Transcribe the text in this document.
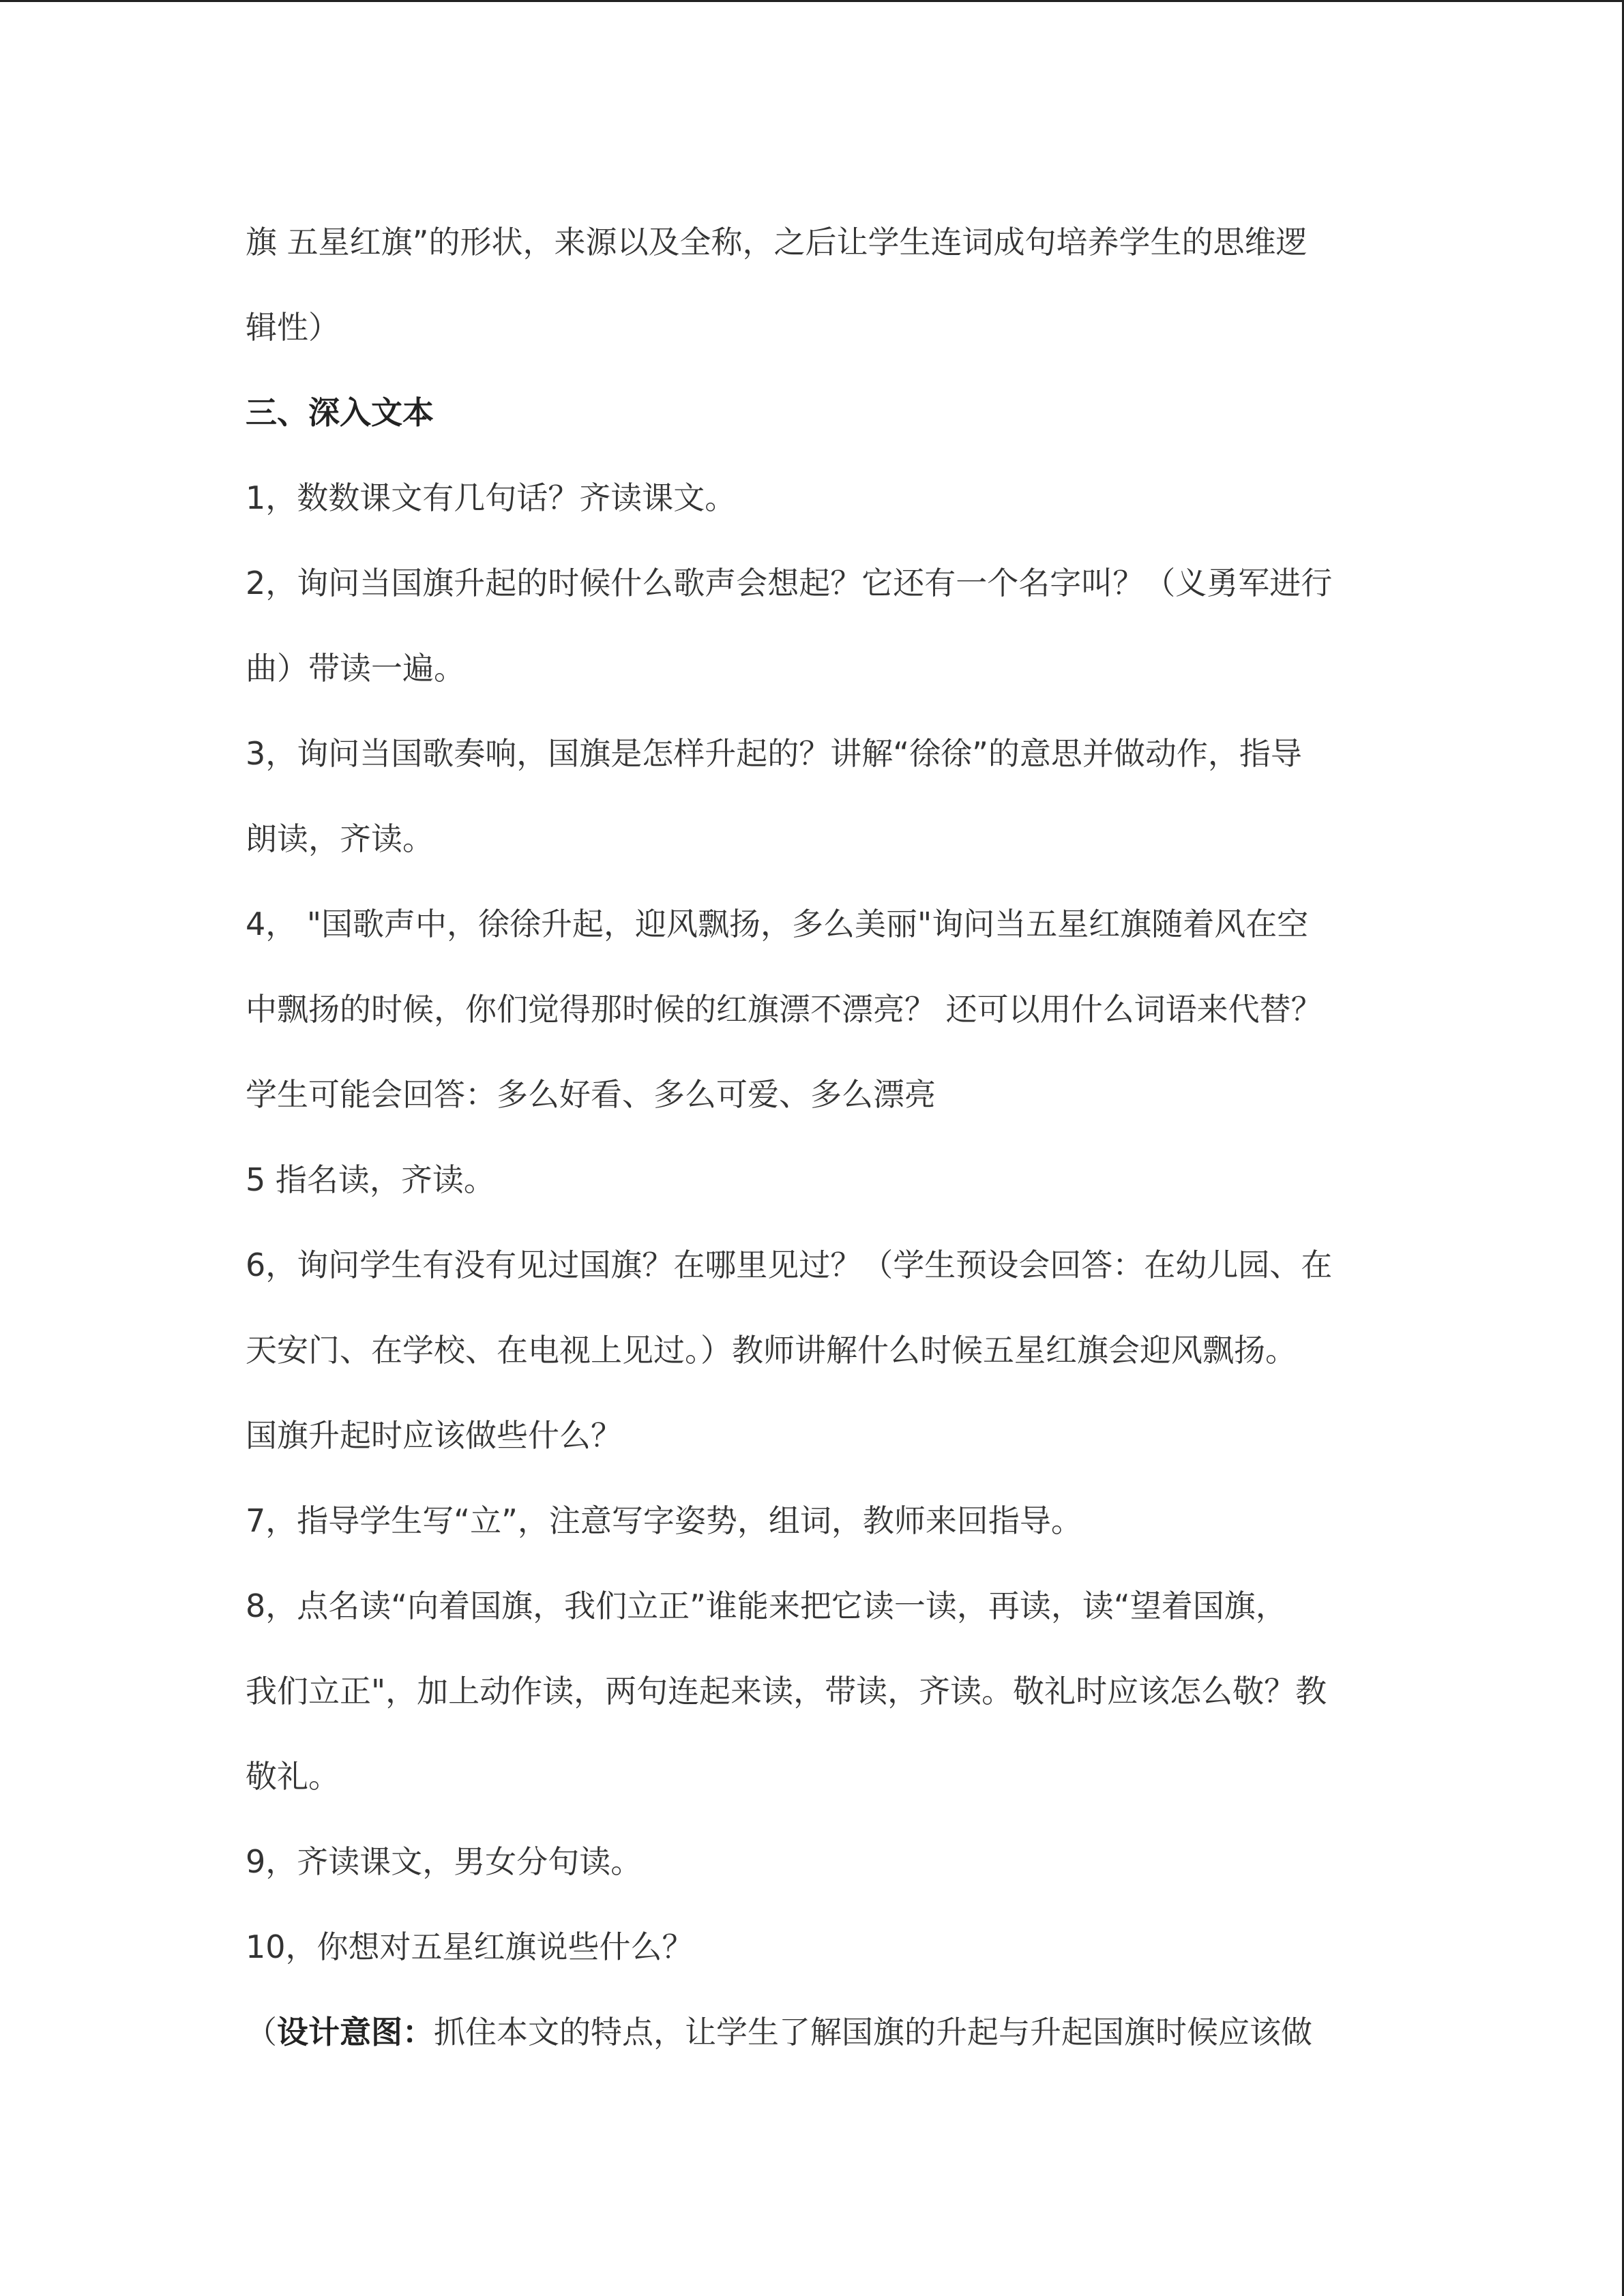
旗 五星红旗”的形状，来源以及全称，之后让学生连词成句培养学生的思维逻
辑性）
三、深入文本
1，数数课文有几句话？齐读课文。
2，询问当国旗升起的时候什么歌声会想起？它还有一个名字叫？（义勇军进行
曲）带读一遍。
3，询问当国歌奏响，国旗是怎样升起的？讲解“徐徐”的意思并做动作，指导
朗读，齐读。
4， "国歌声中，徐徐升起，迎风飘扬，多么美丽"询问当五星红旗随着风在空
中飘扬的时候，你们觉得那时候的红旗漂不漂亮？ 还可以用什么词语来代替？
学生可能会回答：多么好看、多么可爱、多么漂亮
5 指名读，齐读。
6，询问学生有没有见过国旗？在哪里见过？（学生预设会回答：在幼儿园、在
天安门、在学校、在电视上见过。）教师讲解什么时候五星红旗会迎风飘扬。
国旗升起时应该做些什么？
7，指导学生写“立”，注意写字姿势，组词，教师来回指导。
8，点名读“向着国旗，我们立正”谁能来把它读一读，再读，读“望着国旗，
我们立正"，加上动作读，两句连起来读，带读，齐读。敬礼时应该怎么敬？教
敬礼。
9，齐读课文，男女分句读。
10，你想对五星红旗说些什么？
（设计意图：抓住本文的特点，让学生了解国旗的升起与升起国旗时候应该做
